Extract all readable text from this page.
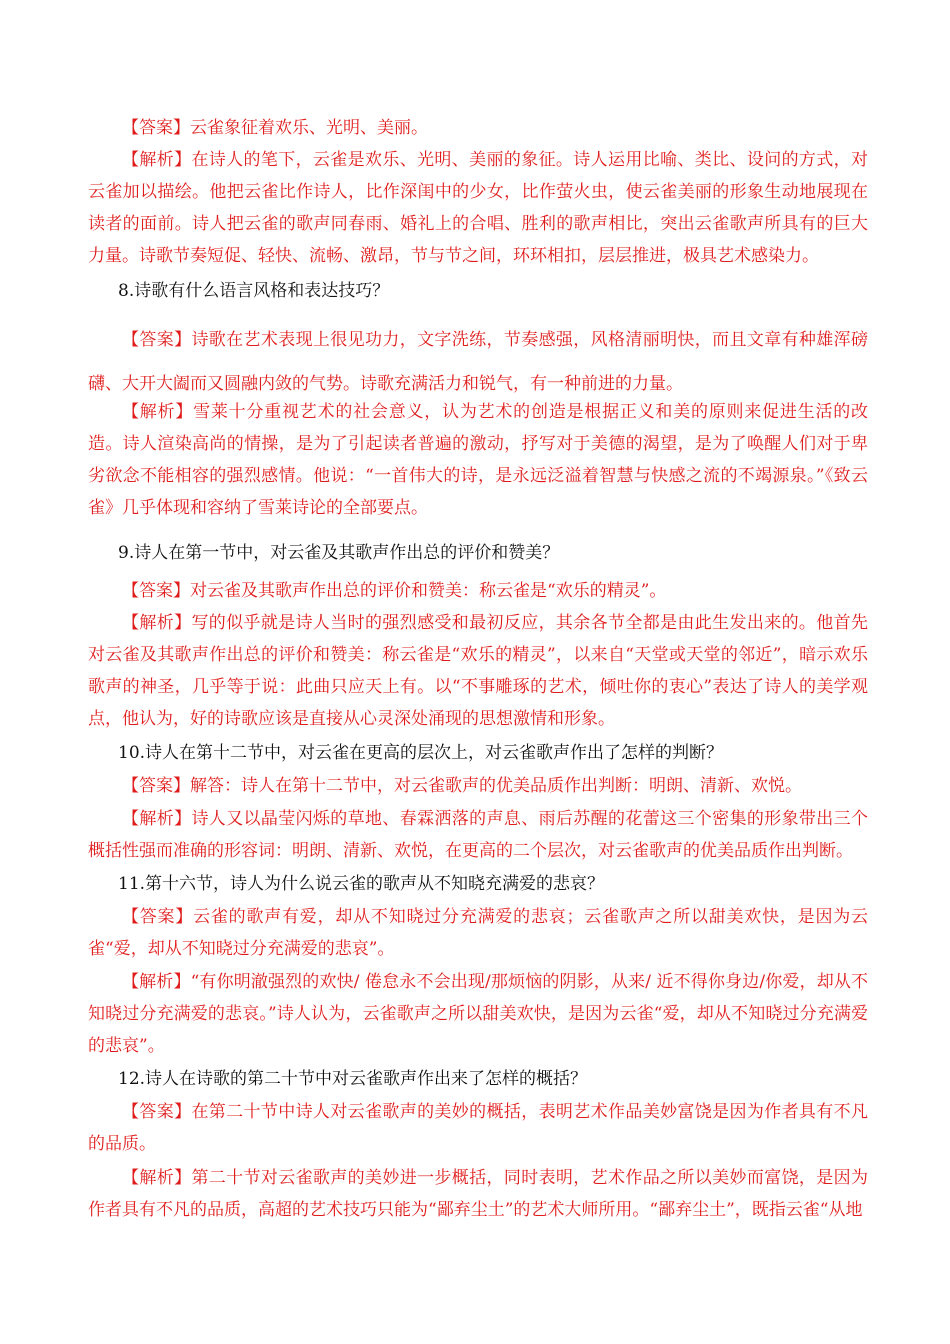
【答案】云雀象征着欢乐、光明、美丽。

【解析】在诗人的笔下，云雀是欢乐、光明、美丽的象征。诗人运用比喻、类比、设问的方式，对云雀加以描绘。他把云雀比作诗人，比作深闺中的少女，比作萤火虫，使云雀美丽的形象生动地展现在读者的面前。诗人把云雀的歌声同春雨、婚礼上的合唱、胜利的歌声相比，突出云雀歌声所具有的巨大力量。诗歌节奏短促、轻快、流畅、激昂，节与节之间，环环相扣，层层推进，极具艺术感染力。

8.诗歌有什么语言风格和表达技巧？

【答案】诗歌在艺术表现上很见功力，文字洗练，节奏感强，风格清丽明快，而且文章有种雄浑磅礴、大开大阖而又圆融内敛的气势。诗歌充满活力和锐气，有一种前进的力量。

【解析】雪莱十分重视艺术的社会意义，认为艺术的创造是根据正义和美的原则来促进生活的改造。诗人渲染高尚的情操，是为了引起读者普遍的激动，抒写对于美德的渴望，是为了唤醒人们对于卑劣欲念不能相容的强烈感情。他说：“一首伟大的诗，是永远泛溢着智慧与快感之流的不竭源泉。”《致云雀》几乎体现和容纳了雪莱诗论的全部要点。

9.诗人在第一节中，对云雀及其歌声作出总的评价和赞美？

【答案】对云雀及其歌声作出总的评价和赞美：称云雀是“欢乐的精灵”。

【解析】写的似乎就是诗人当时的强烈感受和最初反应，其余各节全都是由此生发出来的。他首先对云雀及其歌声作出总的评价和赞美：称云雀是“欢乐的精灵”，以来自“天堂或天堂的邻近”，暗示欢乐歌声的神圣，几乎等于说：此曲只应天上有。以“不事雕琢的艺术，倾吐你的衷心”表达了诗人的美学观点，他认为，好的诗歌应该是直接从心灵深处涌现的思想激情和形象。

10.诗人在第十二节中，对云雀在更高的层次上，对云雀歌声作出了怎样的判断？

【答案】解答：诗人在第十二节中，对云雀歌声的优美品质作出判断：明朗、清新、欢悦。

【解析】诗人又以晶莹闪烁的草地、春霖洒落的声息、雨后苏醒的花蕾这三个密集的形象带出三个概括性强而准确的形容词：明朗、清新、欢悦，在更高的二个层次，对云雀歌声的优美品质作出判断。

11.第十六节，诗人为什么说云雀的歌声从不知晓充满爱的悲哀？

【答案】云雀的歌声有爱，却从不知晓过分充满爱的悲哀；云雀歌声之所以甜美欢快，是因为云雀“爱，却从不知晓过分充满爱的悲哀”。

【解析】“有你明澈强烈的欢快/ 倦怠永不会出现/那烦恼的阴影，从来/ 近不得你身边/你爱，却从不知晓过分充满爱的悲哀。”诗人认为，云雀歌声之所以甜美欢快，是因为云雀“爱，却从不知晓过分充满爱的悲哀”。

12.诗人在诗歌的第二十节中对云雀歌声作出来了怎样的概括？

【答案】在第二十节中诗人对云雀歌声的美妙的概括，表明艺术作品美妙富饶是因为作者具有不凡的品质。

【解析】第二十节对云雀歌声的美妙进一步概括，同时表明，艺术作品之所以美妙而富饶，是因为作者具有不凡的品质，高超的艺术技巧只能为“鄙弃尘土”的艺术大师所用。“鄙弃尘土”，既指云雀“从地
